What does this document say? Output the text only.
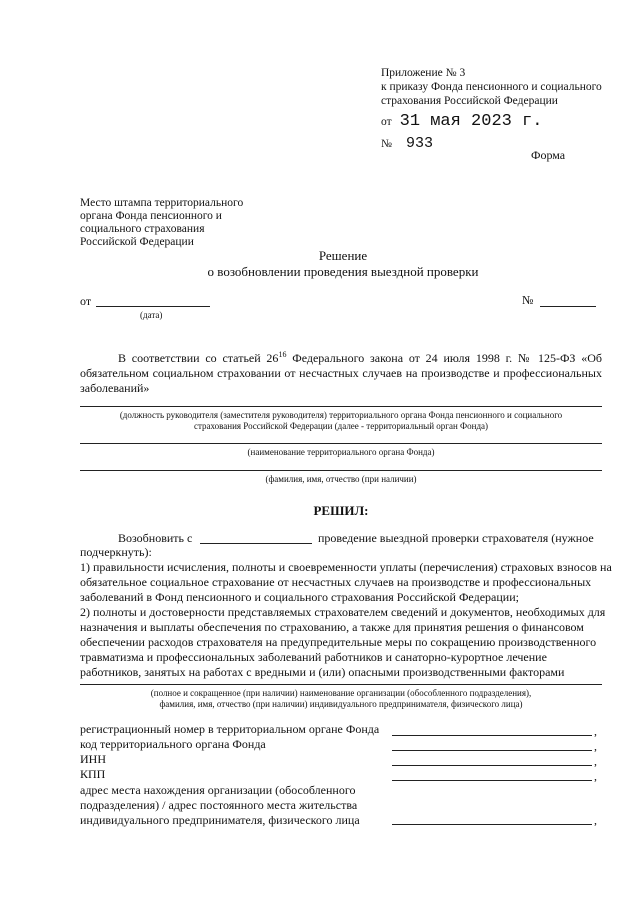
Приложение № 3
к приказу Фонда пенсионного и социального
страхования Российской Федерации
от 31 мая 2023 г.
№ 933
Форма
Место штампа территориального
органа Фонда пенсионного и
социального страхования
Российской Федерации
Решение
о возобновлении проведения выездной проверки
от
(дата)
№
В соответствии со статьей $26^{16}$ Федерального закона от 24 июля 1998 г. № 125-ФЗ «Об обязательном социальном страховании от несчастных случаев на производстве и профессиональных заболеваний»
(должность руководителя (заместителя руководителя) территориального органа Фонда пенсионного и социального
страхования Российской Федерации (далее - территориальный орган Фонда)
(наименование территориального органа Фонда)
(фамилия, имя, отчество (при наличии)
РЕШИЛ:
Возобновить с	проведение выездной проверки страхователя (нужное
подчеркнуть):
1) правильности исчисления, полноты и своевременности уплаты (перечисления) страховых взносов на
обязательное социальное страхование от несчастных случаев на производстве и профессиональных
заболеваний в Фонд пенсионного и социального страхования Российской Федерации;
2) полноты и достоверности представляемых страхователем сведений и документов, необходимых для
назначения и выплаты обеспечения по страхованию, а также для принятия решения о финансовом
обеспечении расходов страхователя на предупредительные меры по сокращению производственного
травматизма и профессиональных заболеваний работников и санаторно-курортное лечение
работников, занятых на работах с вредными и (или) опасными производственными факторами
(полное и сокращенное (при наличии) наименование организации (обособленного подразделения),
фамилия, имя, отчество (при наличии) индивидуального предпринимателя, физического лица)
регистрационный номер в территориальном органе Фонда	,
код территориального органа Фонда	,
ИНН	,
КПП	,
адрес места нахождения организации (обособленного
подразделения) / адрес постоянного места жительства
индивидуального предпринимателя, физического лица	,
